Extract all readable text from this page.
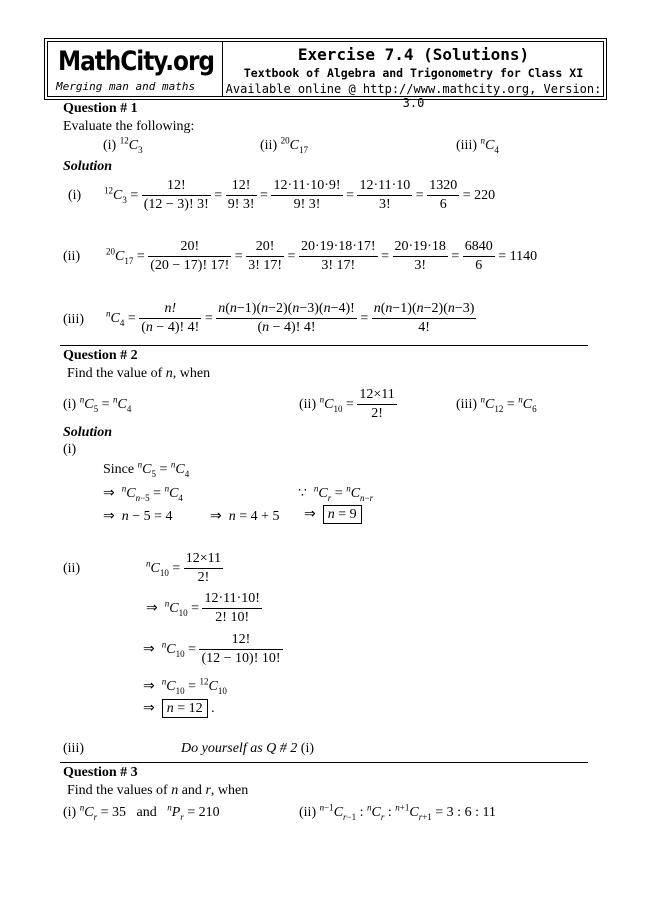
MathCity.org
Merging man and maths
Exercise 7.4 (Solutions)
Textbook of Algebra and Trigonometry for Class XI
Available online @ http://www.mathcity.org, Version: 3.0
Question # 1
Evaluate the following:
(i) $^{12}C_3$	(ii) $^{20}C_{17}$	(iii) $^nC_4$
Solution
(i)	$^{12}C_3 = \frac{12!}{(12 - 3)! 3!} = \frac{12!}{9! 3!} = \frac{12\cdot 11\cdot 10\cdot 9!}{9! 3!} = \frac{12\cdot 11\cdot 10}{3!} = \frac{1320}{6} = 220$
(ii)	$^{20}C_{17} = \frac{20!}{(20 - 17)! 17!} = \frac{20!}{3! 17!} = \frac{20\cdot 19\cdot 18\cdot 17!}{3! 17!} = \frac{20\cdot 19\cdot 18}{3!} = \frac{6840}{6} = 1140$
(iii) $^nC_4 = \frac{n!}{(n - 4)! 4!} = \frac{n(n-1)(n-2)(n-3)(n-4)!}{(n - 4)! 4!} = \frac{n(n-1)(n-2)(n-3)}{4!}$
Question # 2
Find the value of n, when
(i) $^nC_5 = ^nC_4$	(ii) $^nC_{10} = \frac{12\times 11}{2!}$	(iii) $^nC_{12} = ^nC_6$
Solution
(i)
Since $^nC_5 = ^nC_4$
⇒  $^nC_{n-5} = ^nC_4$	∵  $^nC_r = ^nC_{n-r}$
⇒  n − 5 = 4	⇒  n = 4 + 5 ⇒  n = 9
(ii)	$^nC_{10} = \frac{12\times 11}{2!}$
⇒  $^nC_{10} = \frac{12\cdot 11\cdot 10!}{2! 10!}$
⇒  $^nC_{10} = \frac{12!}{(12 - 10)! 10!}$
⇒  $^nC_{10} = ^{12}C_{10}$
⇒  n = 12 .
(iii)	Do yourself as Q # 2 (i)
Question # 3
Find the values of n and r, when
(i) $^nC_r = 35$   and   $^nP_r = 210$	(ii) $^{n-1}C_{r-1}$ : $^nC_r$ : $^{n+1}C_{r+1} = 3$ : 6 : 11
